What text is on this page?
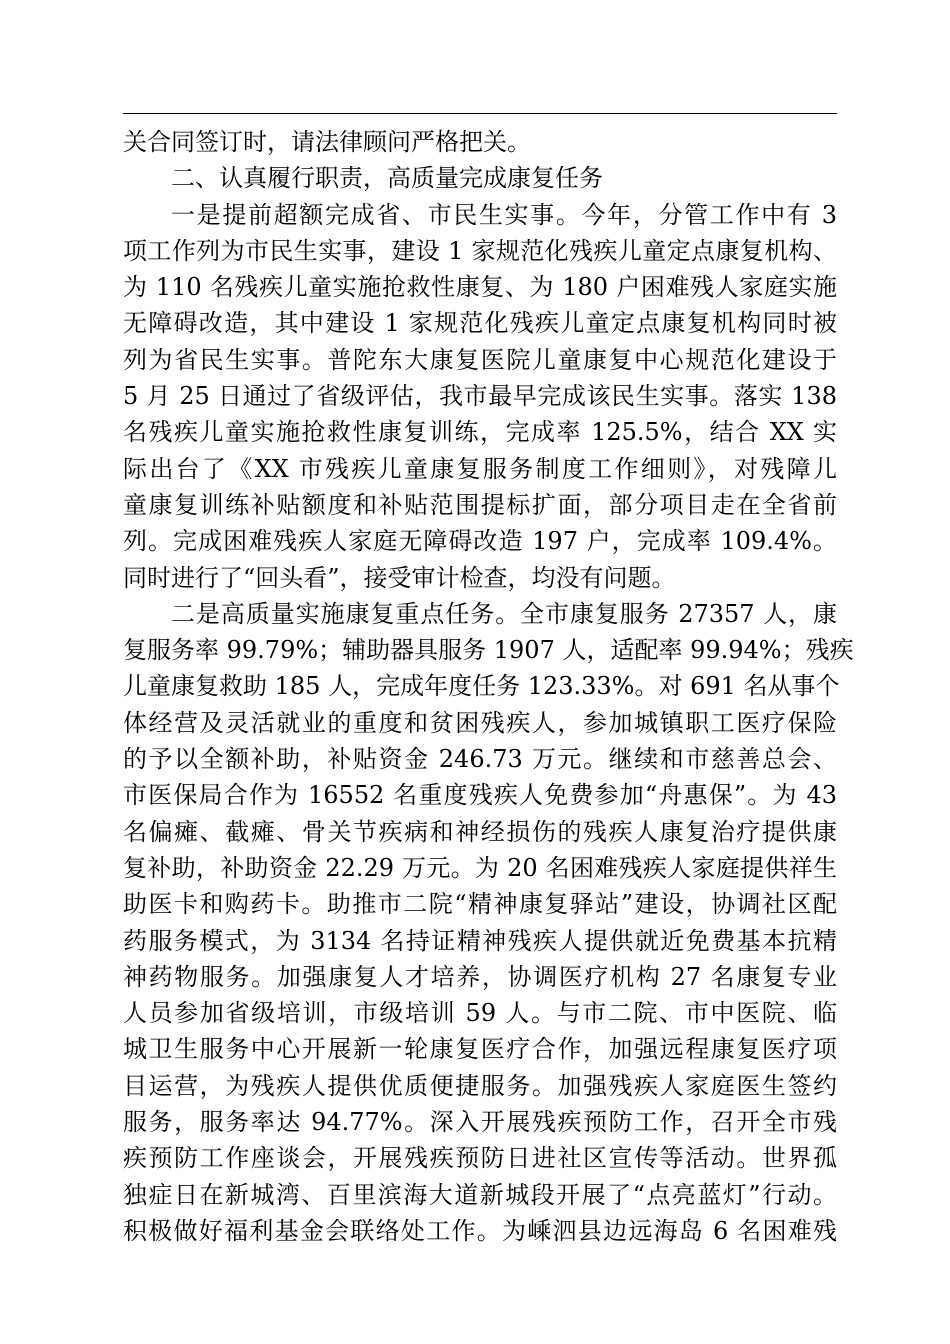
关合同签订时，请法律顾问严格把关。
二、认真履行职责，高质量完成康复任务
一是提前超额完成省、市民生实事。今年，分管工作中有 3
项工作列为市民生实事，建设 1 家规范化残疾儿童定点康复机构、
为 110 名残疾儿童实施抢救性康复、为 180 户困难残人家庭实施
无障碍改造，其中建设 1 家规范化残疾儿童定点康复机构同时被
列为省民生实事。普陀东大康复医院儿童康复中心规范化建设于
5 月 25 日通过了省级评估，我市最早完成该民生实事。落实 138
名残疾儿童实施抢救性康复训练，完成率 125.5%，结合 XX 实
际出台了《XX 市残疾儿童康复服务制度工作细则》，对残障儿
童康复训练补贴额度和补贴范围提标扩面，部分项目走在全省前
列。完成困难残疾人家庭无障碍改造 197 户，完成率 109.4%。
同时进行了“回头看”，接受审计检查，均没有问题。
二是高质量实施康复重点任务。全市康复服务 27357 人，康
复服务率 99.79%；辅助器具服务 1907 人，适配率 99.94%；残疾
儿童康复救助 185 人，完成年度任务 123.33%。对 691 名从事个
体经营及灵活就业的重度和贫困残疾人，参加城镇职工医疗保险
的予以全额补助，补贴资金 246.73 万元。继续和市慈善总会、
市医保局合作为 16552 名重度残疾人免费参加“舟惠保”。为 43
名偏瘫、截瘫、骨关节疾病和神经损伤的残疾人康复治疗提供康
复补助，补助资金 22.29 万元。为 20 名困难残疾人家庭提供祥生
助医卡和购药卡。助推市二院“精神康复驿站”建设，协调社区配
药服务模式，为 3134 名持证精神残疾人提供就近免费基本抗精
神药物服务。加强康复人才培养，协调医疗机构 27 名康复专业
人员参加省级培训，市级培训 59 人。与市二院、市中医院、临
城卫生服务中心开展新一轮康复医疗合作，加强远程康复医疗项
目运营，为残疾人提供优质便捷服务。加强残疾人家庭医生签约
服务，服务率达 94.77%。深入开展残疾预防工作，召开全市残
疾预防工作座谈会，开展残疾预防日进社区宣传等活动。世界孤
独症日在新城湾、百里滨海大道新城段开展了“点亮蓝灯”行动。
积极做好福利基金会联络处工作。为嵊泗县边远海岛 6 名困难残
